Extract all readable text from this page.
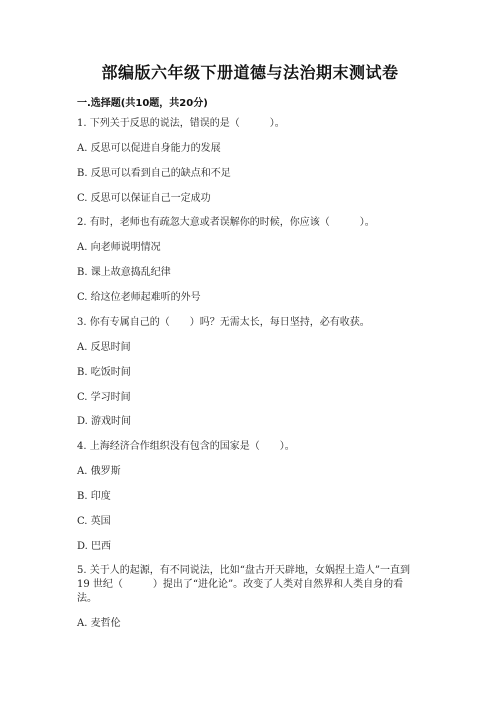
部编版六年级下册道德与法治期末测试卷
一.选择题(共10题，共20分)
1. 下列关于反思的说法，错误的是（　　　）。
A. 反思可以促进自身能力的发展
B. 反思可以看到自己的缺点和不足
C. 反思可以保证自己一定成功
2. 有时，老师也有疏忽大意或者误解你的时候，你应该（　　　）。
A. 向老师说明情况
B. 课上故意捣乱纪律
C. 给这位老师起难听的外号
3. 你有专属自己的（　　）吗？无需太长，每日坚持，必有收获。
A. 反思时间
B. 吃饭时间
C. 学习时间
D. 游戏时间
4. 上海经济合作组织没有包含的国家是（　　）。
A. 俄罗斯
B. 印度
C. 英国
D. 巴西
5. 关于人的起源，有不同说法，比如“盘古开天辟地，女娲捏土造人”一直到
19 世纪（　　　）提出了“进化论”。改变了人类对自然界和人类自身的看
法。
A. 麦哲伦
